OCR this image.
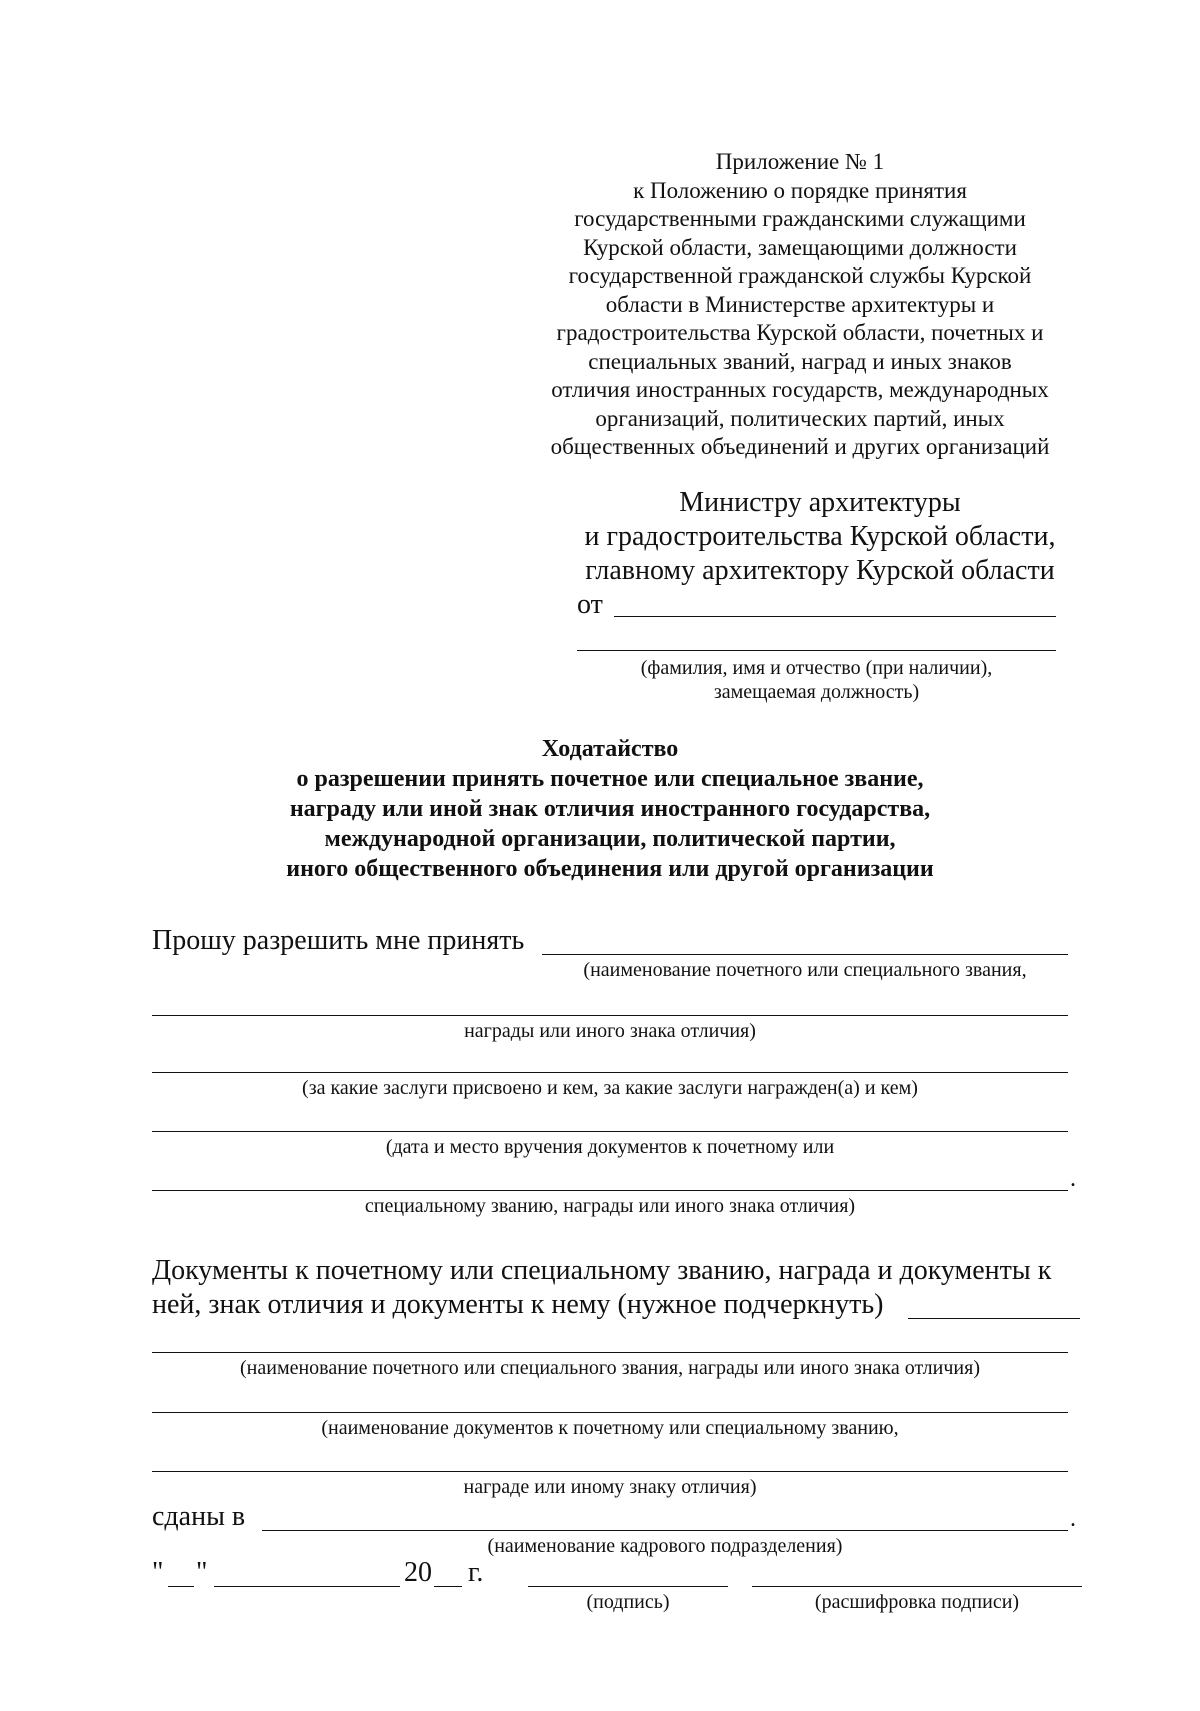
Приложение № 1
к Положению о порядке принятия
государственными гражданскими служащими
Курской области, замещающими должности
государственной гражданской службы Курской
области в Министерстве архитектуры и
градостроительства Курской области, почетных и
специальных званий, наград и иных знаков
отличия иностранных государств, международных
организаций, политических партий, иных
общественных объединений и других организаций
Министру архитектуры
и градостроительства Курской области,
главному архитектору Курской области
от
(фамилия, имя и отчество (при наличии),
замещаемая должность)
Ходатайство
о разрешении принять почетное или специальное звание,
награду или иной знак отличия иностранного государства,
международной организации, политической партии,
иного общественного объединения или другой организации
Прошу разрешить мне принять
(наименование почетного или специального звания,
награды или иного знака отличия)
(за какие заслуги присвоено и кем, за какие заслуги награжден(а) и кем)
(дата и место вручения документов к почетному или
.
специальному званию, награды или иного знака отличия)
Документы к почетному или специальному званию, награда и документы к
ней, знак отличия и документы к нему (нужное подчеркнуть)
(наименование почетного или специального звания, награды или иного знака отличия)
(наименование документов к почетному или специальному званию,
награде или иному знаку отличия)
сданы в	.
(наименование кадрового подразделения)
" "	20 г.
(подпись)	(расшифровка подписи)
